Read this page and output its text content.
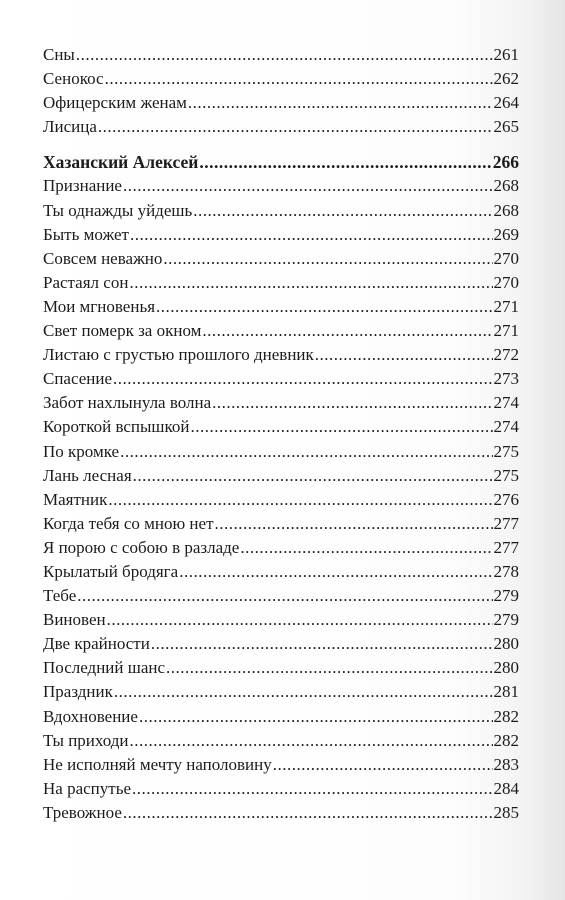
Сны .....	261
Сенокос .....	262
Офицерским женам .....	264
Лисица .....	265
Хазанский Алексей .....	266
Признание .....	268
Ты однажды уйдешь .....	268
Быть может .....	269
Совсем неважно .....	270
Растаял сон .....	270
Мои мгновенья .....	271
Свет померк за окном .....	271
Листаю с грустью прошлого дневник .....	272
Спасение .....	273
Забот нахлынула волна .....	274
Короткой вспышкой .....	274
По кромке .....	275
Лань лесная .....	275
Маятник .....	276
Когда тебя со мною нет .....	277
Я порою с собою в разладе .....	277
Крылатый бродяга .....	278
Тебе .....	279
Виновен .....	279
Две крайности .....	280
Последний шанс .....	280
Праздник .....	281
Вдохновение .....	282
Ты приходи .....	282
Не исполняй мечту наполовину .....	283
На распутье .....	284
Тревожное .....	285
